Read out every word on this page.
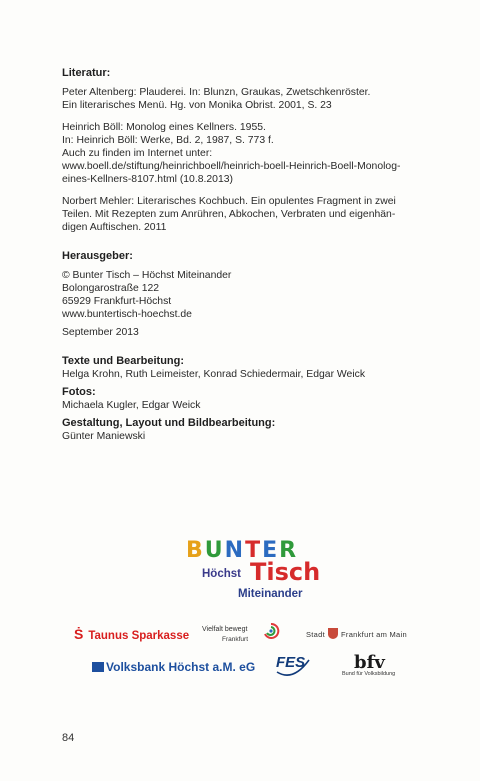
Literatur:
Peter Altenberg: Plauderei. In: Blunzn, Graukas, Zwetschkenröster.
Ein literarisches Menü. Hg. von Monika Obrist. 2001, S. 23
Heinrich Böll: Monolog eines Kellners. 1955.
In: Heinrich Böll: Werke, Bd. 2, 1987, S. 773 f.
Auch zu finden im Internet unter:
www.boell.de/stiftung/heinrichboell/heinrich-boell-Heinrich-Boell-Monolog-
eines-Kellners-8107.html (10.8.2013)
Norbert Mehler: Literarisches Kochbuch. Ein opulentes Fragment in zwei
Teilen. Mit Rezepten zum Anrühren, Abkochen, Verbraten und eigenhän-
digen Auftischen. 2011
Herausgeber:
© Bunter Tisch – Höchst Miteinander
Bolongarostraße 122
65929 Frankfurt-Höchst
www.buntertisch-hoechst.de
September 2013
Texte und Bearbeitung:
Helga Krohn, Ruth Leimeister, Konrad Schiedermair, Edgar Weick
Fotos:
Michaela Kugler, Edgar Weick
Gestaltung, Layout und Bildbearbeitung:
Günter Maniewski
BUNTER
Höchst Tisch
Miteinander
Ṡ Taunus Sparkasse
Vielfalt bewegt
Frankfurt
Stadt Frankfurt am Main
Volksbank Höchst a.M. eG FES	bfv
Bund für Volksbildung
84
